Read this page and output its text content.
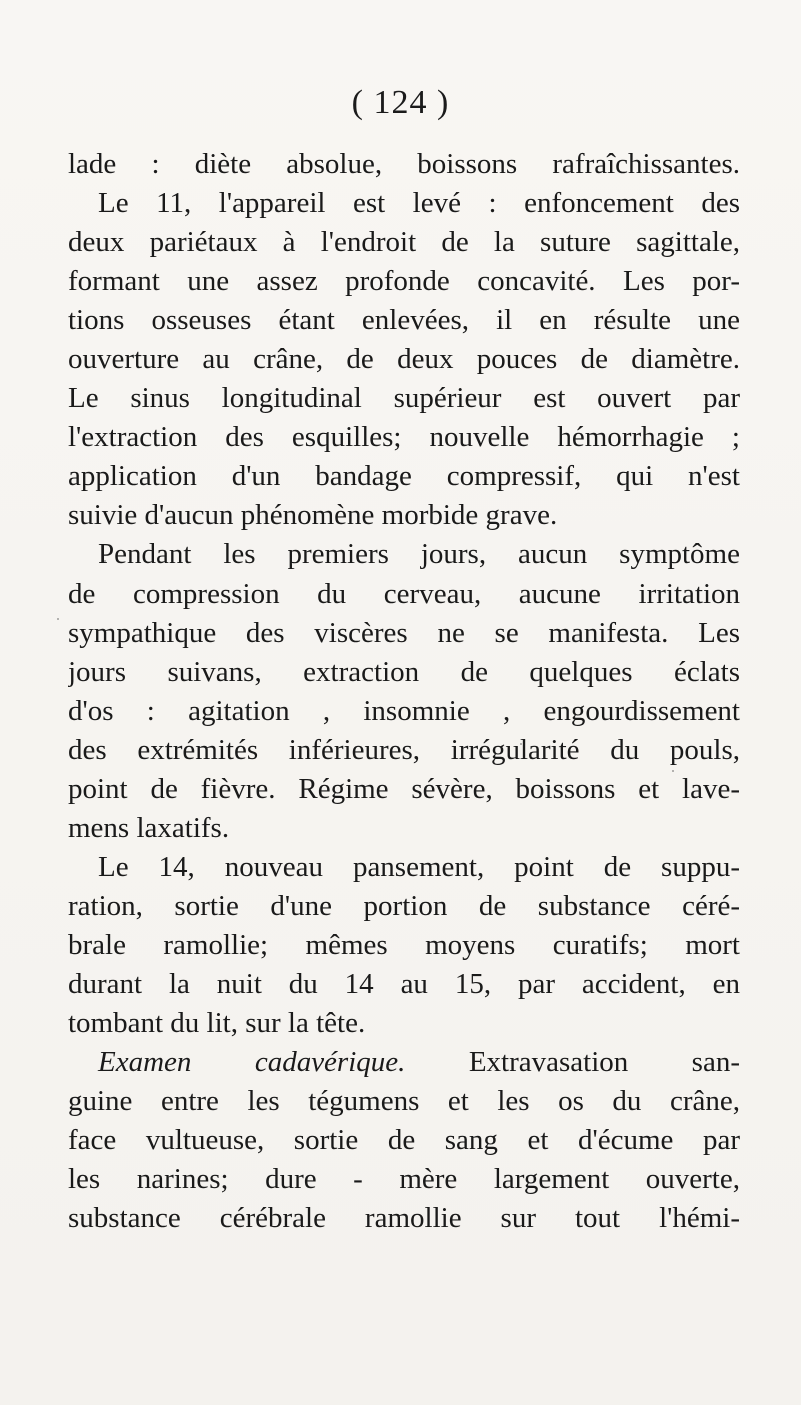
( 124 )
lade : diète absolue, boissons rafraîchissantes.
Le 11, l'appareil est levé : enfoncement des
deux pariétaux à l'endroit de la suture sagittale,
formant une assez profonde concavité. Les por-
tions osseuses étant enlevées, il en résulte une
ouverture au crâne, de deux pouces de diamètre.
Le sinus longitudinal supérieur est ouvert par
l'extraction des esquilles; nouvelle hémorrhagie ;
application d'un bandage compressif, qui n'est
suivie d'aucun phénomène morbide grave.
Pendant les premiers jours, aucun symptôme
de compression du cerveau, aucune irritation
sympathique des viscères ne se manifesta. Les
jours suivans, extraction de quelques éclats
d'os : agitation , insomnie , engourdissement
des extrémités inférieures, irrégularité du pouls,
point de fièvre. Régime sévère, boissons et lave-
mens laxatifs.
Le 14, nouveau pansement, point de suppu-
ration, sortie d'une portion de substance céré-
brale ramollie; mêmes moyens curatifs; mort
durant la nuit du 14 au 15, par accident, en
tombant du lit, sur la tête.
Examen cadavérique. Extravasation san-
guine entre les tégumens et les os du crâne,
face vultueuse, sortie de sang et d'écume par
les narines; dure - mère largement ouverte,
substance cérébrale ramollie sur tout l'hémi-
